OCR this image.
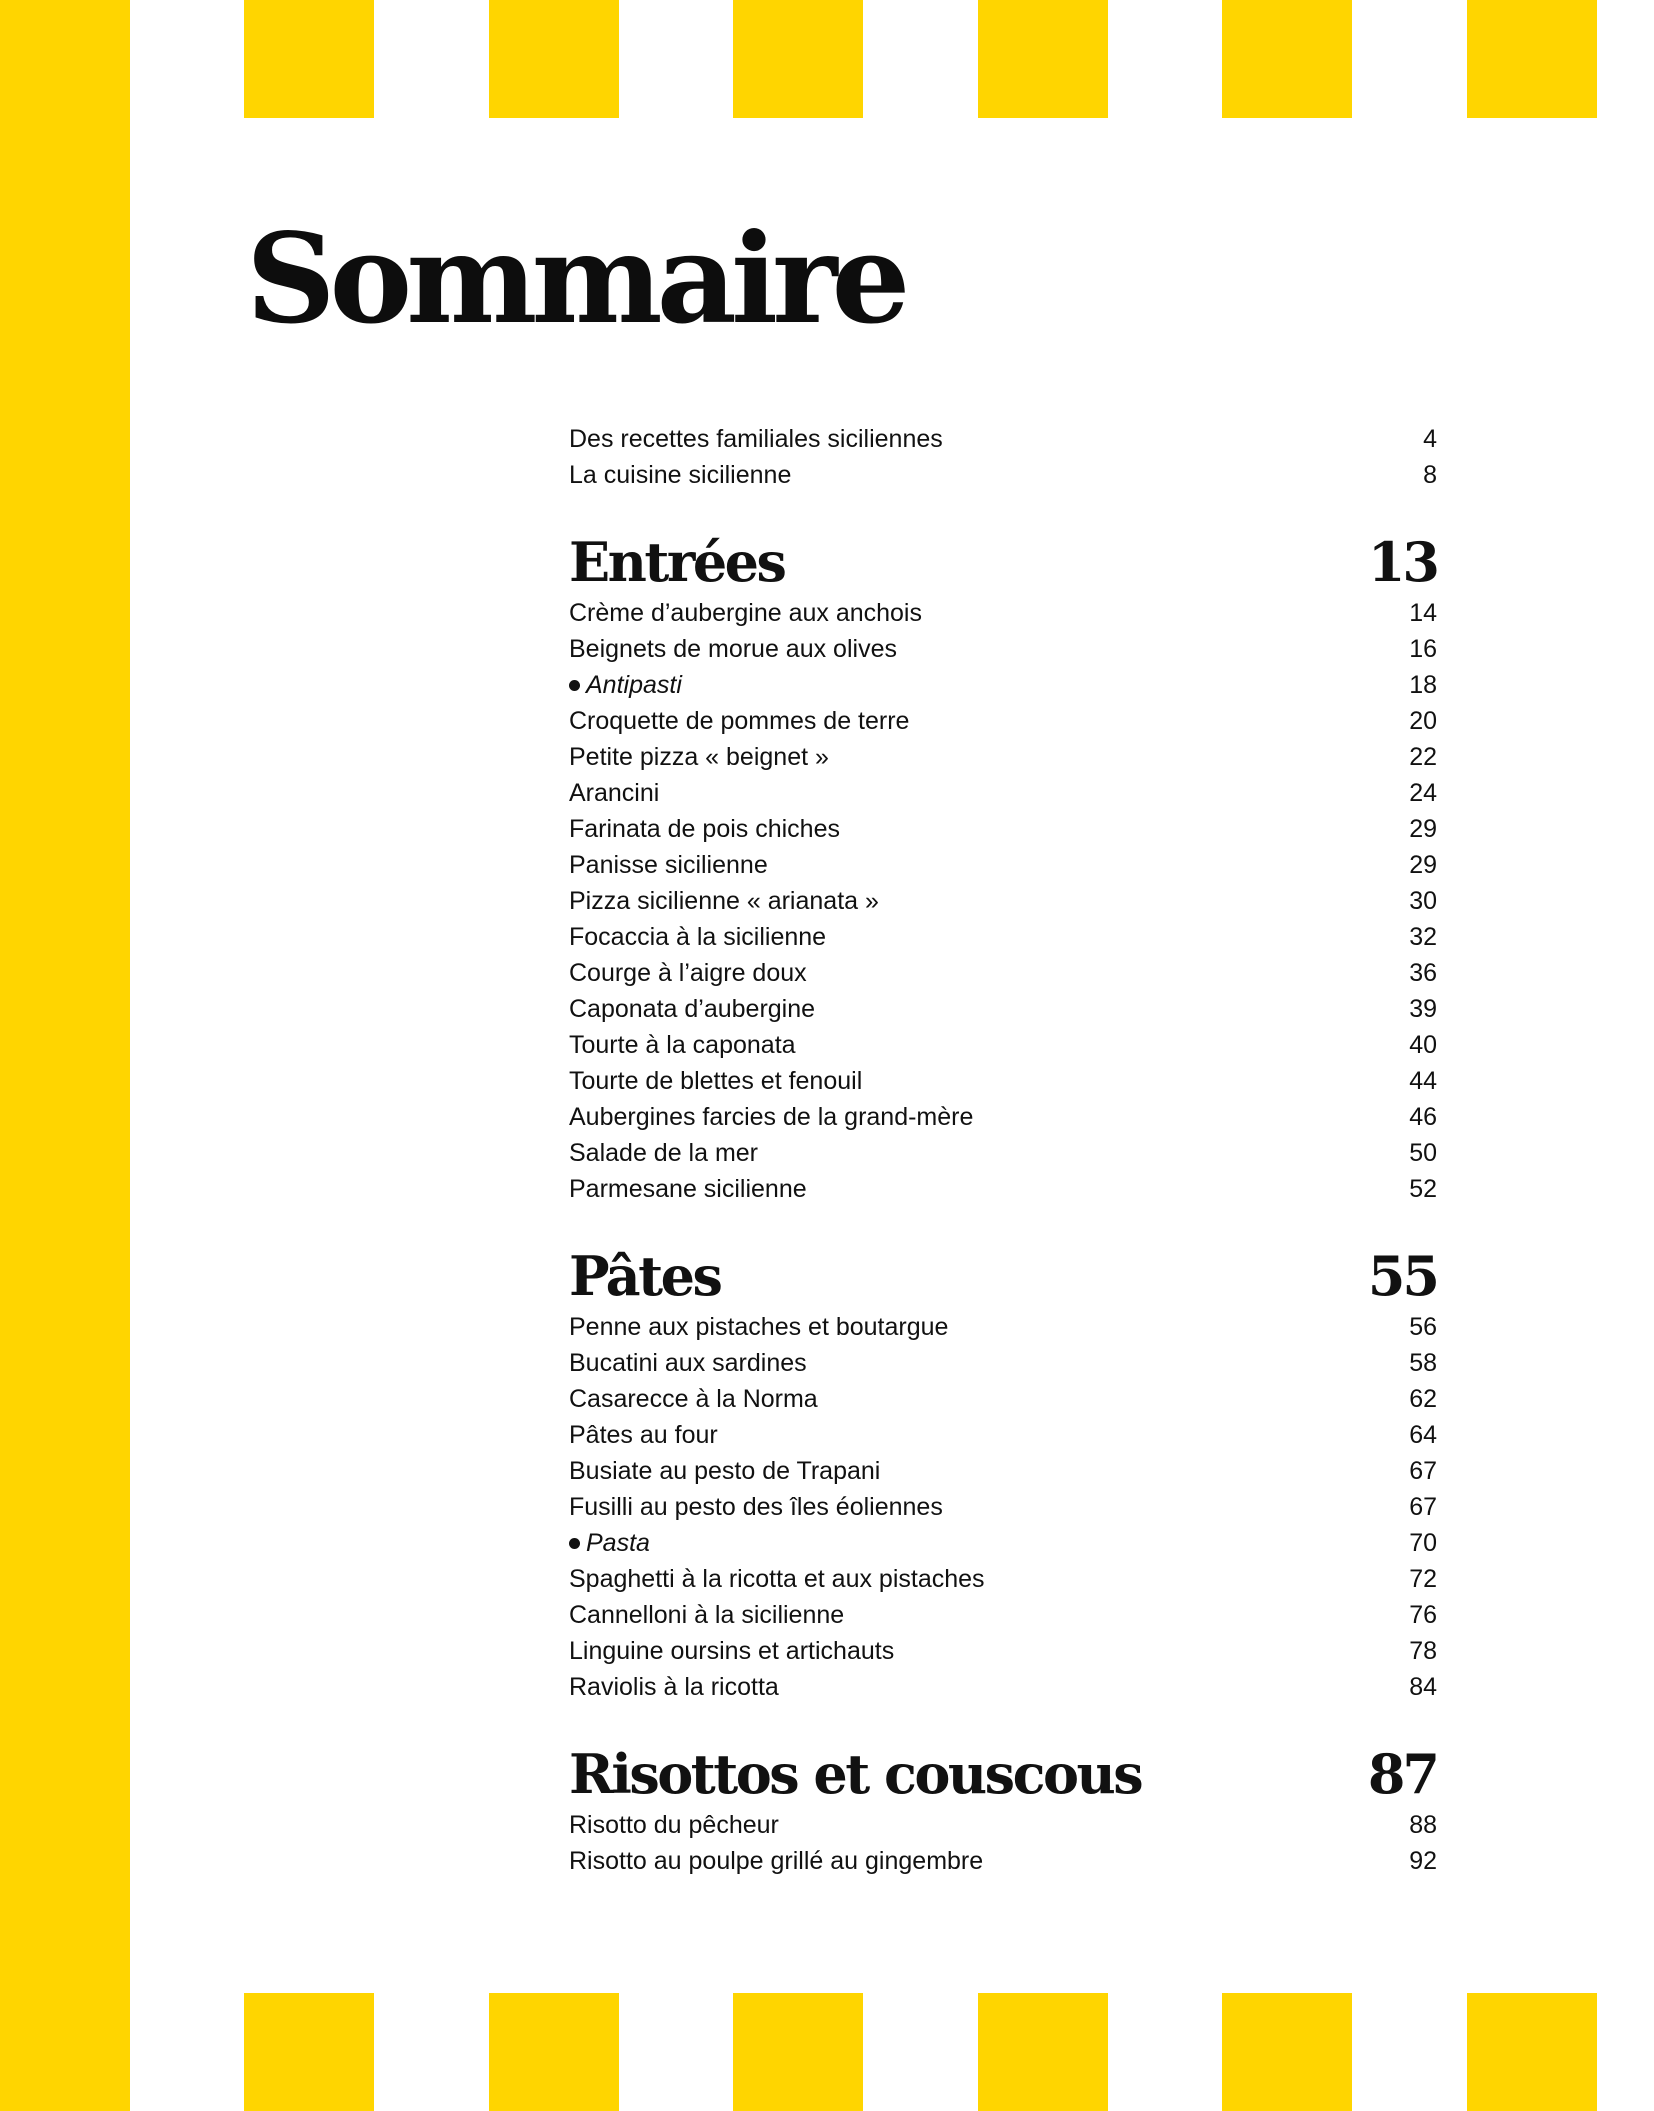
Sommaire
Des recettes familiales siciliennes	4
La cuisine sicilienne	8
Entrées	13
Crème d’aubergine aux anchois	14
Beignets de morue aux olives	16
Antipasti	18
Croquette de pommes de terre	20
Petite pizza « beignet »	22
Arancini	24
Farinata de pois chiches	29
Panisse sicilienne	29
Pizza sicilienne « arianata »	30
Focaccia à la sicilienne	32
Courge à l’aigre doux	36
Caponata d’aubergine	39
Tourte à la caponata	40
Tourte de blettes et fenouil	44
Aubergines farcies de la grand-mère	46
Salade de la mer	50
Parmesane sicilienne	52
Pâtes	55
Penne aux pistaches et boutargue	56
Bucatini aux sardines	58
Casarecce à la Norma	62
Pâtes au four	64
Busiate au pesto de Trapani	67
Fusilli au pesto des îles éoliennes	67
Pasta	70
Spaghetti à la ricotta et aux pistaches	72
Cannelloni à la sicilienne	76
Linguine oursins et artichauts	78
Raviolis à la ricotta	84
Risottos et couscous	87
Risotto du pêcheur	88
Risotto au poulpe grillé au gingembre	92
